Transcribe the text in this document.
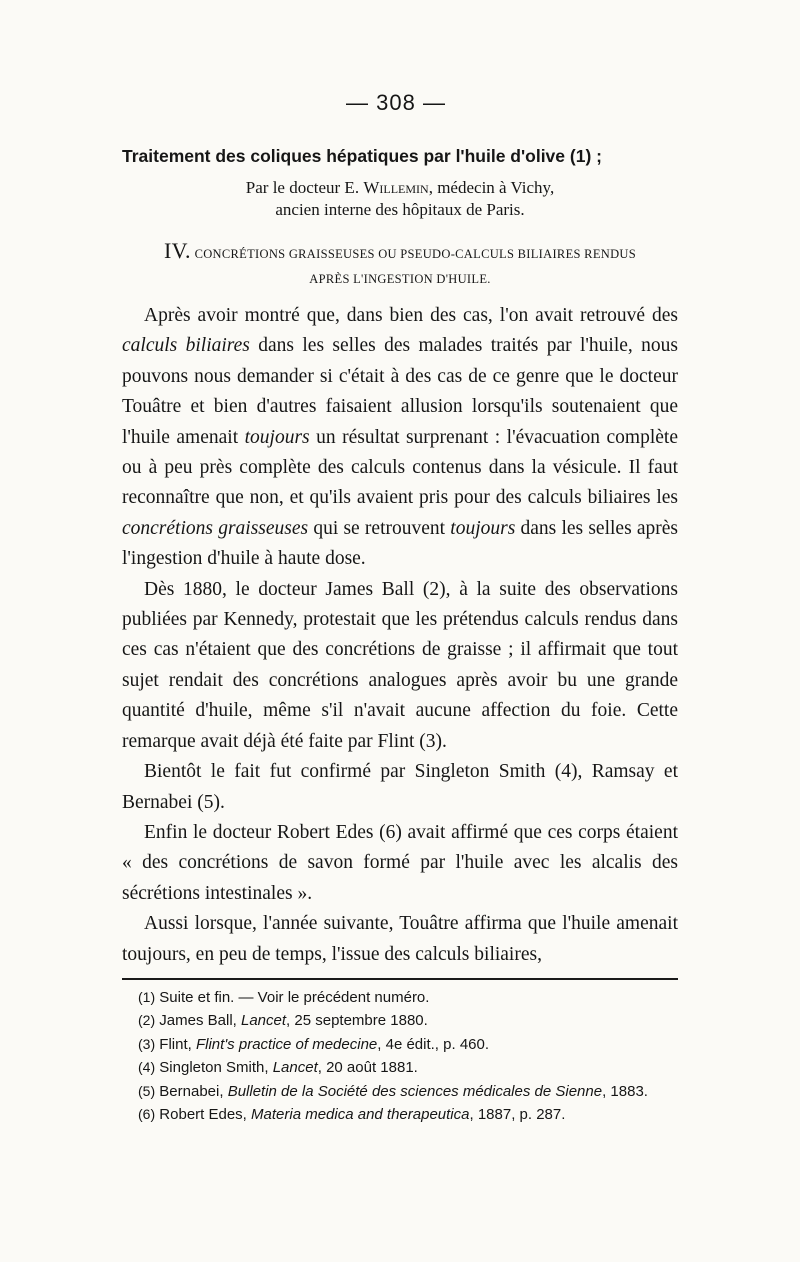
— 308 —
Traitement des coliques hépatiques par l'huile d'olive (1) ;
Par le docteur E. Willemin, médecin à Vichy,
ancien interne des hôpitaux de Paris.
IV. CONCRÉTIONS GRAISSEUSES OU PSEUDO-CALCULS BILIAIRES RENDUS
APRÈS L'INGESTION D'HUILE.

Après avoir montré que, dans bien des cas, l'on avait retrouvé des calculs biliaires dans les selles des malades traités par l'huile, nous pouvons nous demander si c'était à des cas de ce genre que le docteur Touâtre et bien d'autres faisaient allusion lorsqu'ils soutenaient que l'huile amenait toujours un résultat surprenant : l'évacuation complète ou à peu près complète des calculs contenus dans la vésicule. Il faut reconnaître que non, et qu'ils avaient pris pour des calculs biliaires les concrétions graisseuses qui se retrouvent toujours dans les selles après l'ingestion d'huile à haute dose.

Dès 1880, le docteur James Ball (2), à la suite des observations publiées par Kennedy, protestait que les prétendus calculs rendus dans ces cas n'étaient que des concrétions de graisse ; il affirmait que tout sujet rendait des concrétions analogues après avoir bu une grande quantité d'huile, même s'il n'avait aucune affection du foie. Cette remarque avait déjà été faite par Flint (3).

Bientôt le fait fut confirmé par Singleton Smith (4), Ramsay et Bernabei (5).

Enfin le docteur Robert Edes (6) avait affirmé que ces corps étaient « des concrétions de savon formé par l'huile avec les alcalis des sécrétions intestinales ».

Aussi lorsque, l'année suivante, Touâtre affirma que l'huile amenait toujours, en peu de temps, l'issue des calculs biliaires,

(1) Suite et fin. — Voir le précédent numéro.
(2) James Ball, Lancet, 25 septembre 1880.
(3) Flint, Flint's practice of medecine, 4e édit., p. 460.
(4) Singleton Smith, Lancet, 20 août 1881.
(5) Bernabei, Bulletin de la Société des sciences médicales de Sienne, 1883.
(6) Robert Edes, Materia medica and therapeutica, 1887, p. 287.
